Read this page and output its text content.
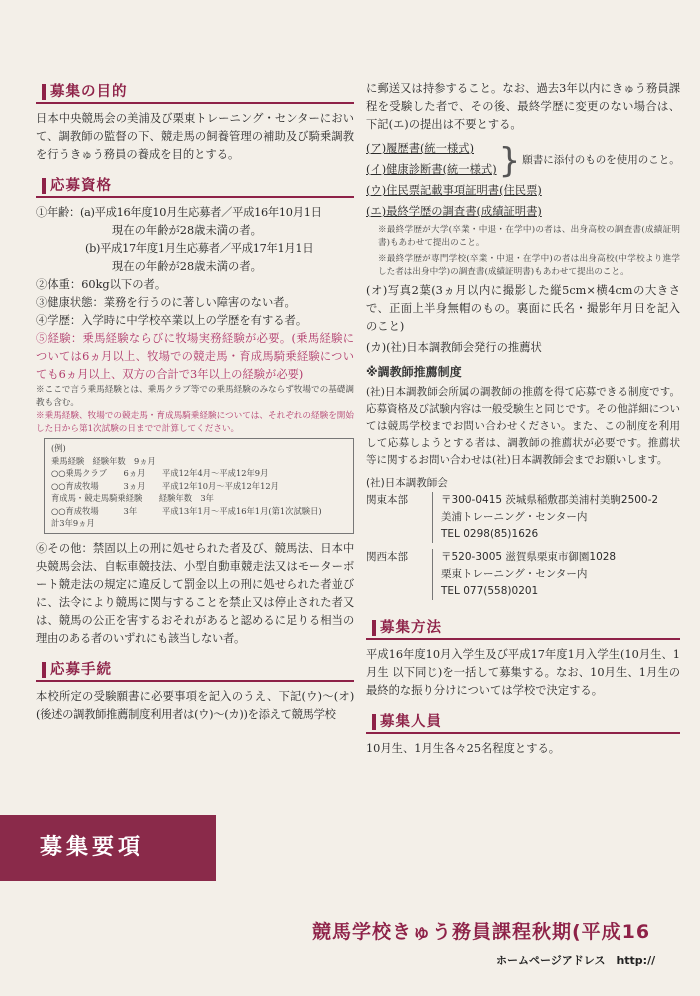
募集の目的

日本中央競馬会の美浦及び栗東トレーニング・センターにおいて、調教師の監督の下、競走馬の飼養管理の補助及び騎乗調教を行うきゅう務員の養成を目的とする。

応募資格

①年齢：(a)平成16年度10月生応募者／平成16年10月1日

現在の年齢が28歳未満の者。

(b)平成17年度1月生応募者／平成17年1月1日

現在の年齢が28歳未満の者。

②体重：60kg以下の者。

③健康状態：業務を行うのに著しい障害のない者。

④学歴：入学時に中学校卒業以上の学歴を有する者。

⑤経験：乗馬経験ならびに牧場実務経験が必要。(乗馬経験については6ヵ月以上、牧場での競走馬・育成馬騎乗経験についても6ヵ月以上、双方の合計で3年以上の経験が必要)

※ここで言う乗馬経験とは、乗馬クラブ等での乗馬経験のみならず牧場での基礎調教も含む。

※乗馬経験、牧場での競走馬・育成馬騎乗経験については、それぞれの経験を開始した日から第1次試験の日までで計算してください。

(例)
乗馬経験　経験年数　9ヵ月
○○乗馬クラブ　　6ヵ月　　平成12年4月〜平成12年9月
○○育成牧場　　　3ヵ月　　平成12年10月〜平成12年12月
育成馬・競走馬騎乗経験　　経験年数　3年
○○育成牧場　　　3年　　　平成13年1月〜平成16年1月(第1次試験日)
計3年9ヵ月

⑥その他：禁固以上の刑に処せられた者及び、競馬法、日本中央競馬会法、自転車競技法、小型自動車競走法又はモーターボート競走法の規定に違反して罰金以上の刑に処せられた者並びに、法令により競馬に関与することを禁止又は停止された者又は、競馬の公正を害するおそれがあると認めるに足りる相当の理由のある者のいずれにも該当しない者。

応募手続

本校所定の受験願書に必要事項を記入のうえ、下記(ウ)〜(オ)(後述の調教師推薦制度利用者は(ウ)〜(カ))を添えて競馬学校

に郵送又は持参すること。なお、過去3年以内にきゅう務員課程を受験した者で、その後、最終学歴に変更のない場合は、下記(エ)の提出は不要とする。

(ア)履歴書(統一様式)

(イ)健康診断書(統一様式) } 願書に添付のものを使用のこと。

(ウ)住民票記載事項証明書(住民票)

(エ)最終学歴の調査書(成績証明書)

※最終学歴が大学(卒業・中退・在学中)の者は、出身高校の調査書(成績証明書)もあわせて提出のこと。

※最終学歴が専門学校(卒業・中退・在学中)の者は出身高校(中学校より進学した者は出身中学)の調査書(成績証明書)もあわせて提出のこと。

(オ)写真2葉(3ヵ月以内に撮影した縦5cm×横4cmの大きさで、正面上半身無帽のもの。裏面に氏名・撮影年月日を記入のこと)

(カ)(社)日本調教師会発行の推薦状

※調教師推薦制度

(社)日本調教師会所属の調教師の推薦を得て応募できる制度です。応募資格及び試験内容は一般受験生と同じです。その他詳細については競馬学校までお問い合わせください。また、この制度を利用して応募しようとする者は、調教師の推薦状が必要です。推薦状等に関するお問い合わせは(社)日本調教師会までお願いします。

(社)日本調教師会
関東本部	〒300-0415 茨城県稲敷郡美浦村美駒2500-2
美浦トレーニング・センター内
TEL 0298(85)1626
関西本部	〒520-3005 滋賀県栗東市御園1028
栗東トレーニング・センター内
TEL 077(558)0201
募集方法

平成16年度10月入学生及び平成17年度1月入学生(10月生、1月生 以下同じ)を一括して募集する。なお、10月生、1月生の最終的な振り分けについては学校で決定する。

募集人員

10月生、1月生各々25名程度とする。

募集要項
競馬学校きゅう務員課程秋期(平成16
ホームページアドレス　http://
